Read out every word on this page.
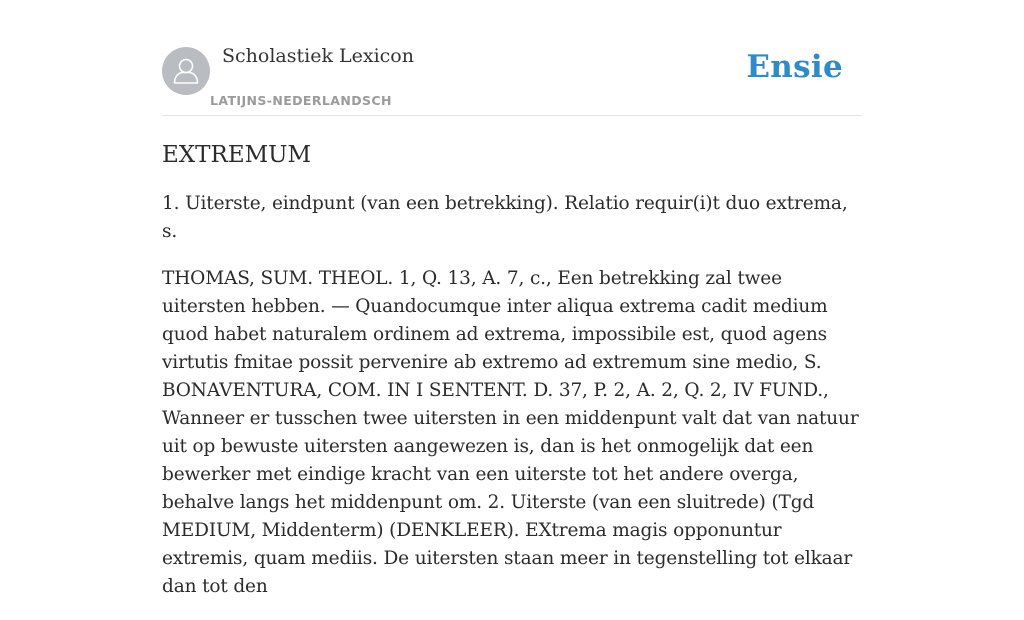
Scholastiek Lexicon
LATIJNS-NEDERLANDSCH
Ensie
EXTREMUM

1. Uiterste, eindpunt (van een betrekking). Relatio requir(i)t duo extrema, s.

THOMAS, SUM. THEOL. 1, Q. 13, A. 7, c., Een betrekking zal twee uitersten hebben. — Quandocumque inter aliqua extrema cadit medium quod habet naturalem ordinem ad extrema, impossibile est, quod agens virtutis fmitae possit pervenire ab extremo ad extremum sine medio, S. BONAVENTURA, COM. IN I SENTENT. D. 37, P. 2, A. 2, Q. 2, IV FUND., Wanneer er tusschen twee uitersten in een middenpunt valt dat van natuur uit op bewuste uitersten aangewezen is, dan is het onmogelijk dat een bewerker met eindige kracht van een uiterste tot het andere overga, behalve langs het middenpunt om. 2. Uiterste (van een sluitrede) (Tgd MEDIUM, Middenterm) (DENKLEER). EXtrema magis opponuntur extremis, quam mediis. De uitersten staan meer in tegenstelling tot elkaar dan tot den
